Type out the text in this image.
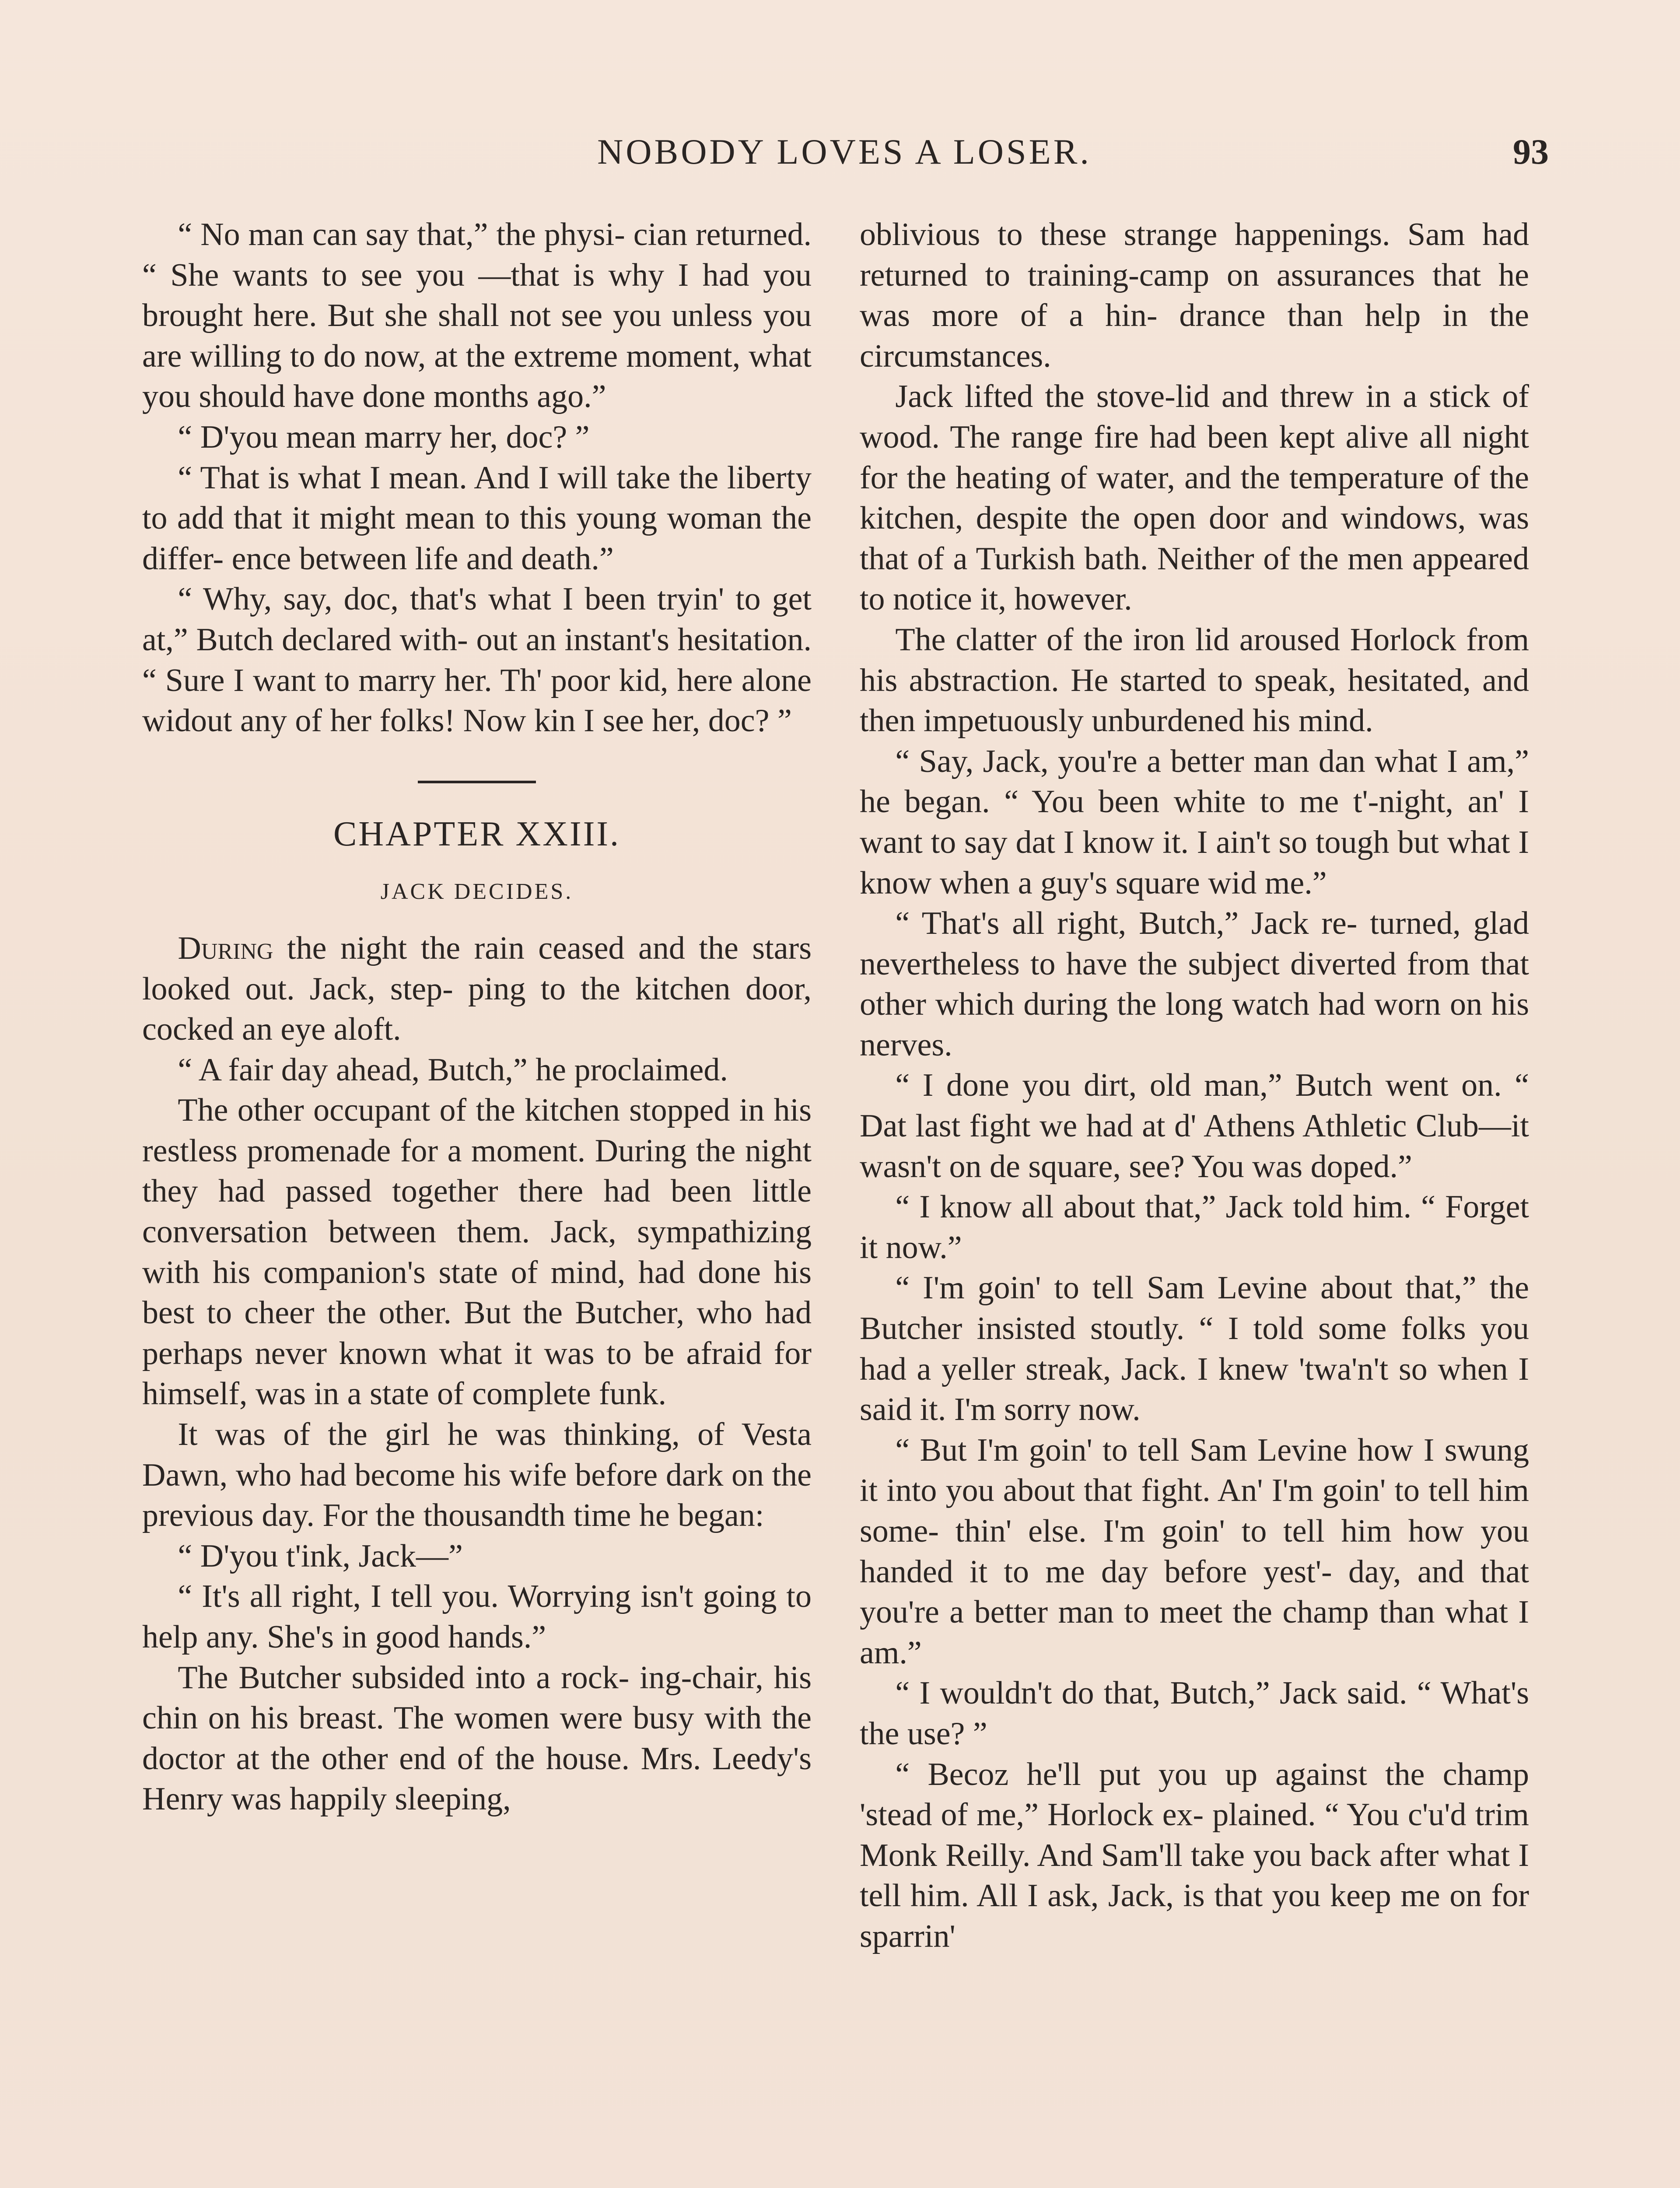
NOBODY LOVES A LOSER.	93

“ No man can say that,” the physi- cian returned. “ She wants to see you —that is why I had you brought here. But she shall not see you unless you are willing to do now, at the extreme moment, what you should have done months ago.”

“ D'you mean marry her, doc? ”

“ That is what I mean. And I will take the liberty to add that it might mean to this young woman the differ- ence between life and death.”

“ Why, say, doc, that's what I been tryin' to get at,” Butch declared with- out an instant's hesitation. “ Sure I want to marry her. Th' poor kid, here alone widout any of her folks! Now kin I see her, doc? ”

CHAPTER XXIII.
JACK DECIDES.

During the night the rain ceased and the stars looked out. Jack, step- ping to the kitchen door, cocked an eye aloft.

“ A fair day ahead, Butch,” he proclaimed.

The other occupant of the kitchen stopped in his restless promenade for a moment. During the night they had passed together there had been little conversation between them. Jack, sympathizing with his companion's state of mind, had done his best to cheer the other. But the Butcher, who had perhaps never known what it was to be afraid for himself, was in a state of complete funk.

It was of the girl he was thinking, of Vesta Dawn, who had become his wife before dark on the previous day. For the thousandth time he began:

“ D'you t'ink, Jack—”

“ It's all right, I tell you. Worrying isn't going to help any. She's in good hands.”

The Butcher subsided into a rock- ing-chair, his chin on his breast. The women were busy with the doctor at the other end of the house. Mrs. Leedy's Henry was happily sleeping,

oblivious to these strange happenings. Sam had returned to training-camp on assurances that he was more of a hin- drance than help in the circumstances.

Jack lifted the stove-lid and threw in a stick of wood. The range fire had been kept alive all night for the heating of water, and the temperature of the kitchen, despite the open door and windows, was that of a Turkish bath. Neither of the men appeared to notice it, however.

The clatter of the iron lid aroused Horlock from his abstraction. He started to speak, hesitated, and then impetuously unburdened his mind.

“ Say, Jack, you're a better man dan what I am,” he began. “ You been white to me t'-night, an' I want to say dat I know it. I ain't so tough but what I know when a guy's square wid me.”

“ That's all right, Butch,” Jack re- turned, glad nevertheless to have the subject diverted from that other which during the long watch had worn on his nerves.

“ I done you dirt, old man,” Butch went on. “ Dat last fight we had at d' Athens Athletic Club—it wasn't on de square, see? You was doped.”

“ I know all about that,” Jack told him. “ Forget it now.”

“ I'm goin' to tell Sam Levine about that,” the Butcher insisted stoutly. “ I told some folks you had a yeller streak, Jack. I knew 'twa'n't so when I said it. I'm sorry now.

“ But I'm goin' to tell Sam Levine how I swung it into you about that fight. An' I'm goin' to tell him some- thin' else. I'm goin' to tell him how you handed it to me day before yest'- day, and that you're a better man to meet the champ than what I am.”

“ I wouldn't do that, Butch,” Jack said. “ What's the use? ”

“ Becoz he'll put you up against the champ 'stead of me,” Horlock ex- plained. “ You c'u'd trim Monk Reilly. And Sam'll take you back after what I tell him. All I ask, Jack, is that you keep me on for sparrin'
